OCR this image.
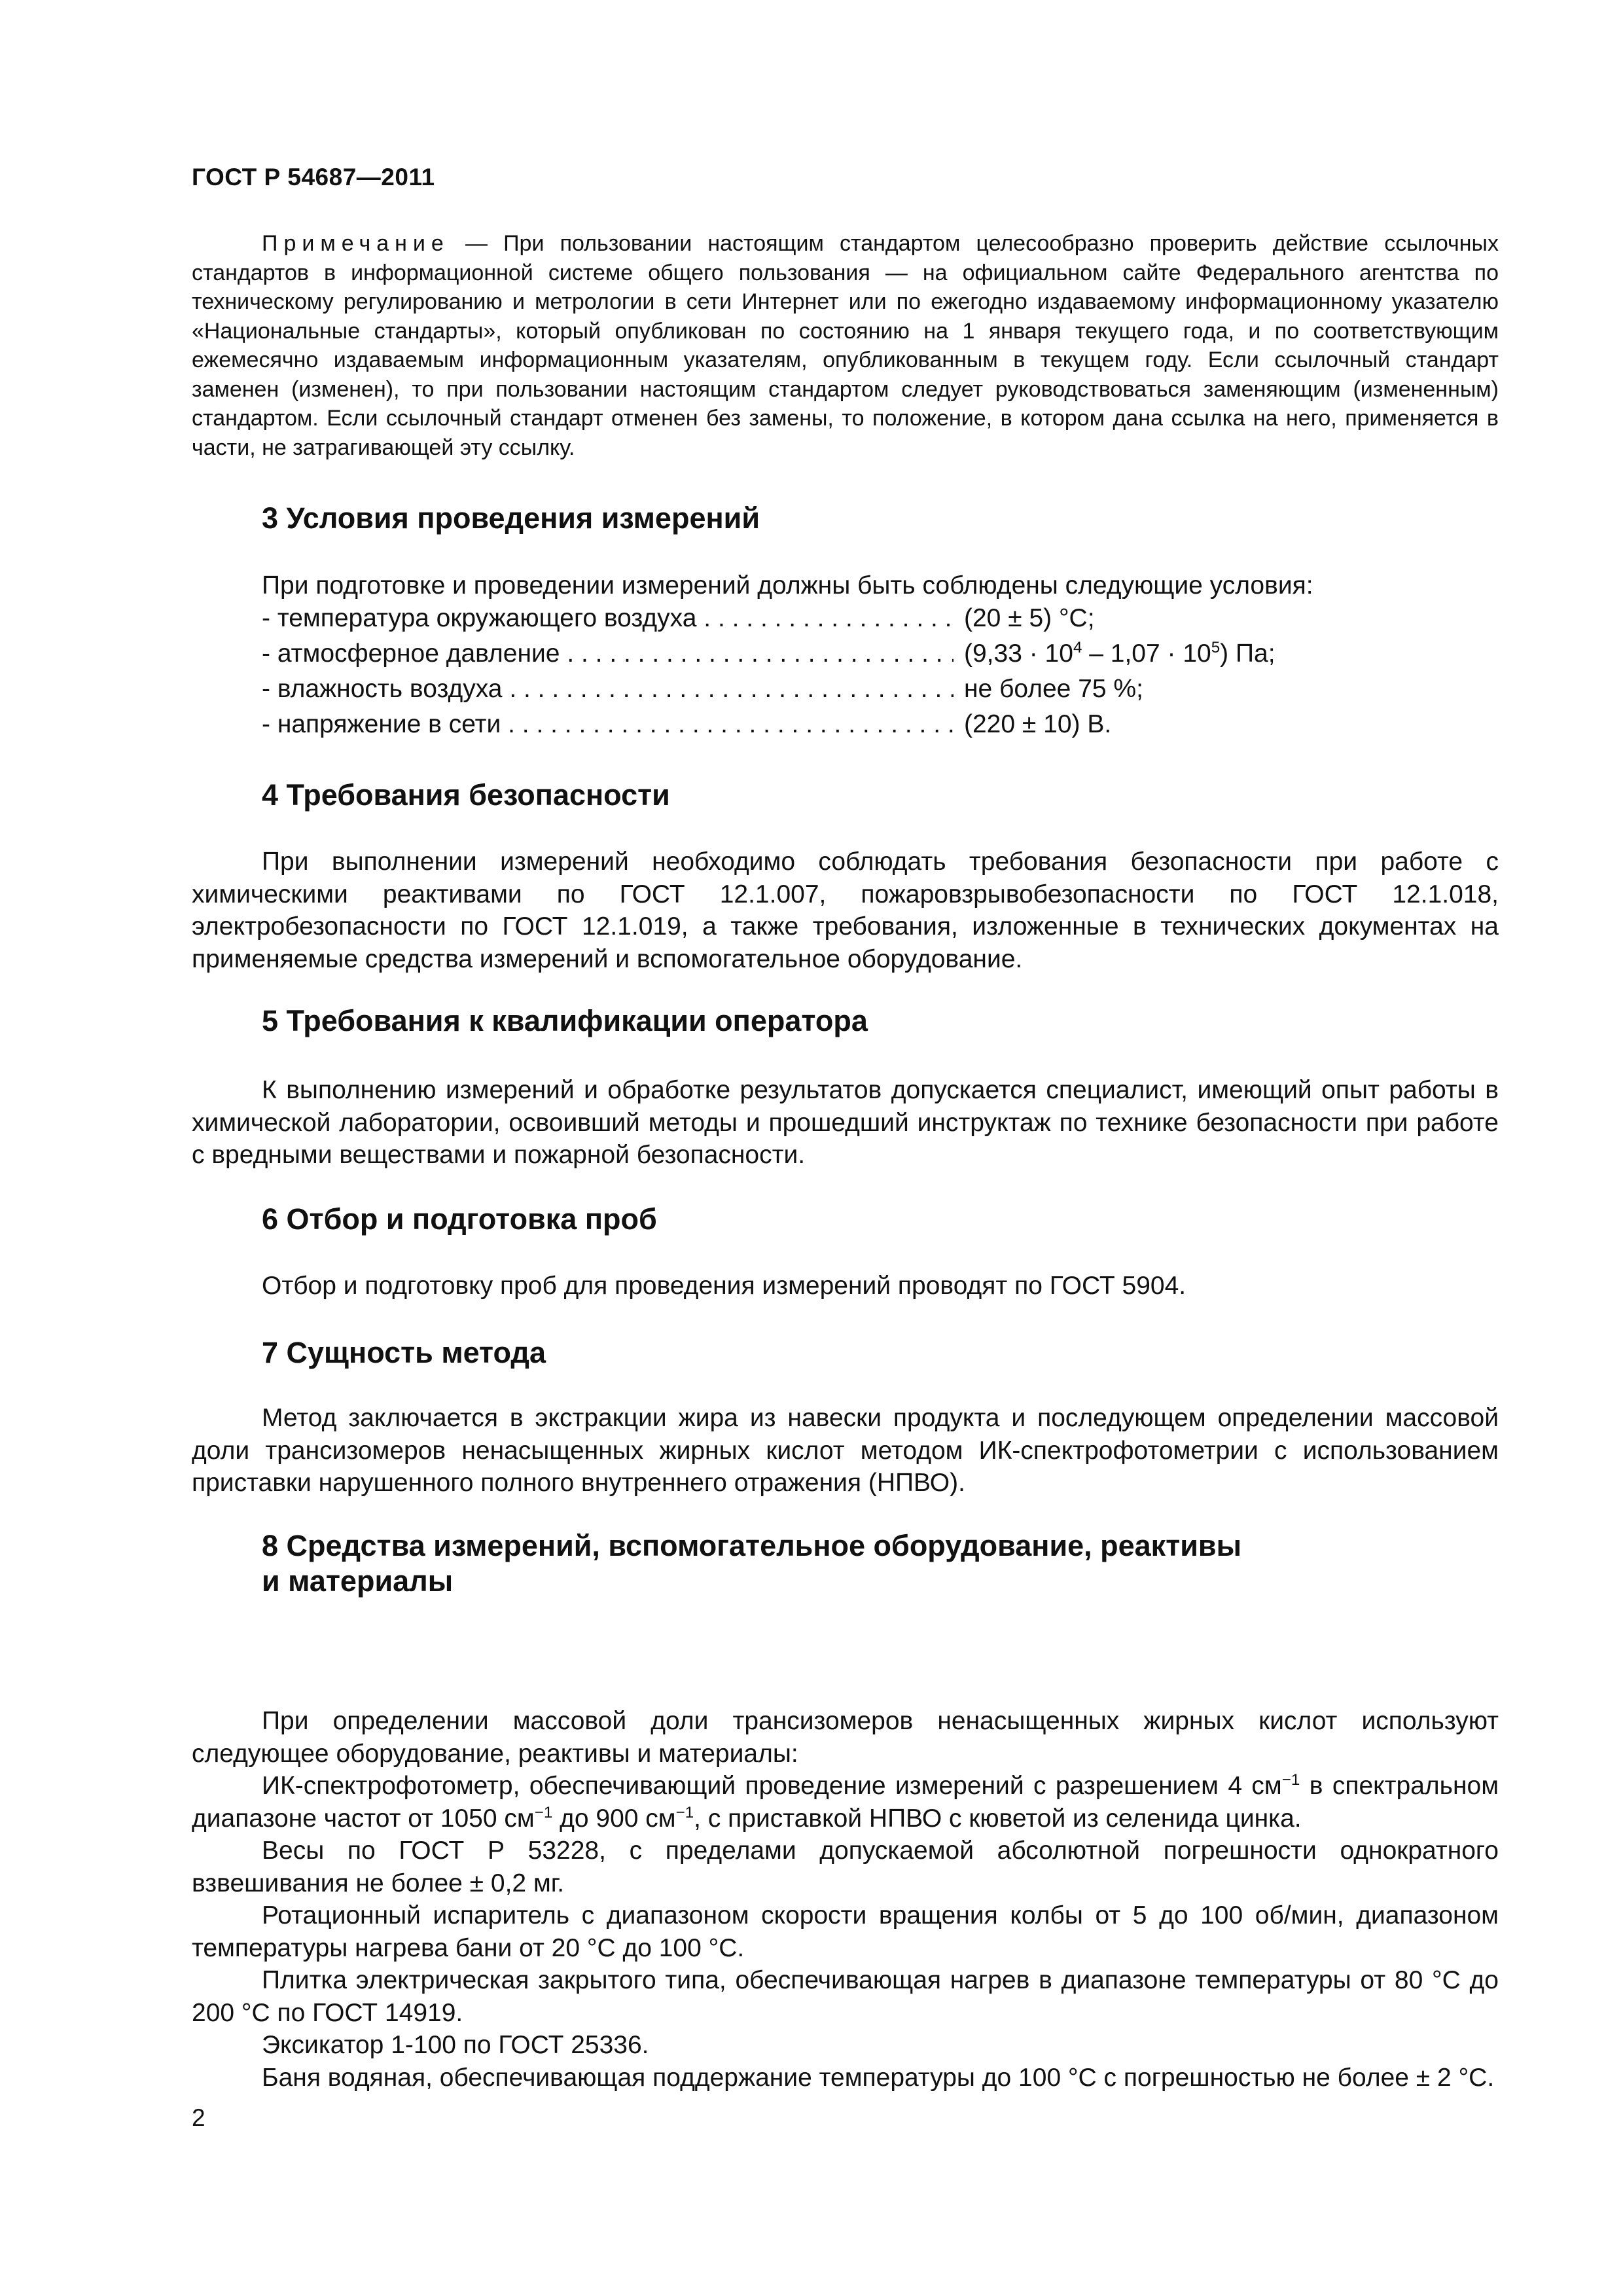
ГОСТ Р 54687—2011

Примечание — При пользовании настоящим стандартом целесообразно проверить действие ссылочных стандартов в информационной системе общего пользования — на официальном сайте Федерального агентства по техническому регулированию и метрологии в сети Интернет или по ежегодно издаваемому информационному указателю «Национальные стандарты», который опубликован по состоянию на 1 января текущего года, и по соответствующим ежемесячно издаваемым информационным указателям, опубликованным в текущем году. Если ссылочный стандарт заменен (изменен), то при пользовании настоящим стандартом следует руководствоваться заменяющим (измененным) стандартом. Если ссылочный стандарт отменен без замены, то положение, в котором дана ссылка на него, применяется в части, не затрагивающей эту ссылку.

3 Условия проведения измерений

При подготовке и проведении измерений должны быть соблюдены следующие условия:

- температура окружающего воздуха . . .	(20 ± 5) °С;
- атмосферное давление . . .	$(9,33 \cdot 10^4 - 1,07 \cdot 10^5)$ Па;
- влажность воздуха . . .	не более 75 %;
- напряжение в сети . . .	(220 ± 10) В.
4 Требования безопасности

При выполнении измерений необходимо соблюдать требования безопасности при работе с химическими реактивами по ГОСТ 12.1.007, пожаровзрывобезопасности по ГОСТ 12.1.018, электробезопасности по ГОСТ 12.1.019, а также требования, изложенные в технических документах на применяемые средства измерений и вспомогательное оборудование.

5 Требования к квалификации оператора

К выполнению измерений и обработке результатов допускается специалист, имеющий опыт работы в химической лаборатории, освоивший методы и прошедший инструктаж по технике безопасности при работе с вредными веществами и пожарной безопасности.

6 Отбор и подготовка проб

Отбор и подготовку проб для проведения измерений проводят по ГОСТ 5904.

7 Сущность метода

Метод заключается в экстракции жира из навески продукта и последующем определении массовой доли трансизомеров ненасыщенных жирных кислот методом ИК-спектрофотометрии с использованием приставки нарушенного полного внутреннего отражения (НПВО).

8 Средства измерений, вспомогательное оборудование, реактивы
и материалы

При определении массовой доли трансизомеров ненасыщенных жирных кислот используют следующее оборудование, реактивы и материалы:

ИК-спектрофотометр, обеспечивающий проведение измерений с разрешением 4 $см^{-1}$ в спектральном диапазоне частот от 1050 $см^{-1}$ до 900 $см^{-1}$, с приставкой НПВО с кюветой из селенида цинка.

Весы по ГОСТ Р 53228, с пределами допускаемой абсолютной погрешности однократного взвешивания не более ± 0,2 мг.

Ротационный испаритель с диапазоном скорости вращения колбы от 5 до 100 об/мин, диапазоном температуры нагрева бани от 20 °С до 100 °С.

Плитка электрическая закрытого типа, обеспечивающая нагрев в диапазоне температуры от 80 °С до 200 °С по ГОСТ 14919.

Эксикатор 1-100 по ГОСТ 25336.

Баня водяная, обеспечивающая поддержание температуры до 100 °С с погрешностью не более ± 2 °С.

2
